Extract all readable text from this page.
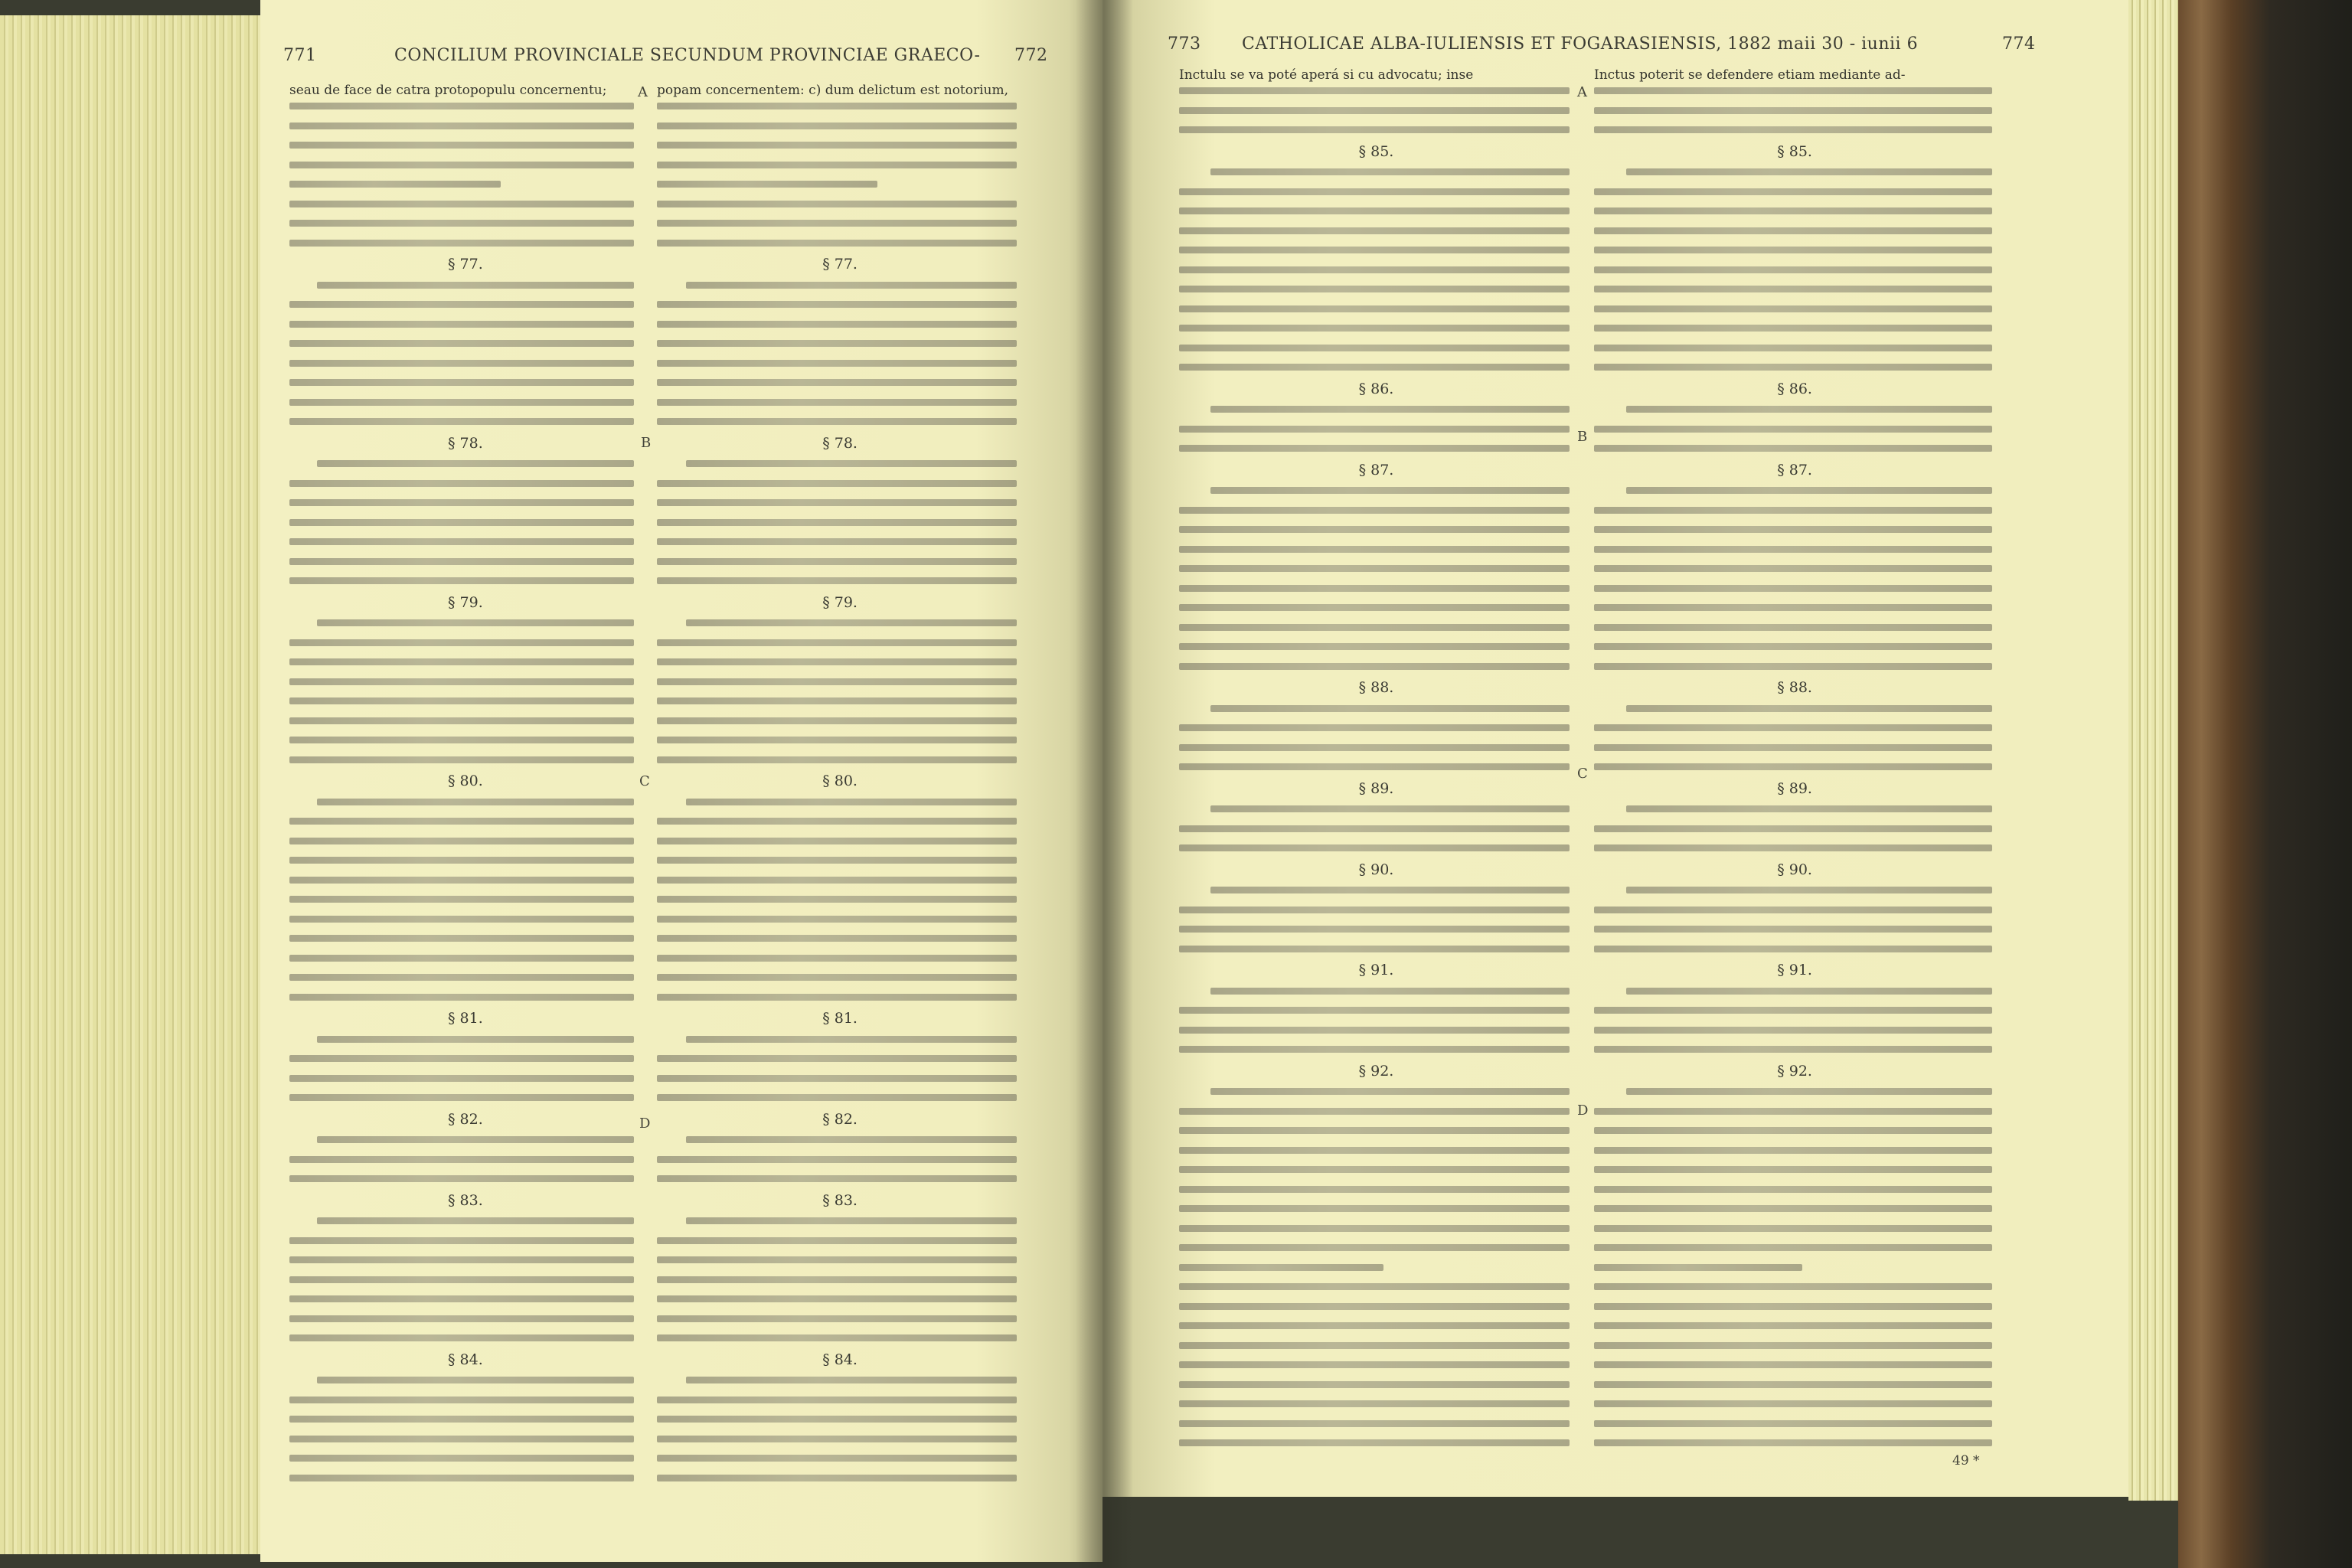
771	CONCILIUM PROVINCIALE SECUNDUM PROVINCIAE GRAECO- 772
seau de face de catra protopopulu concernentu;
§ 77.
§ 78.
§ 79.
§ 80.
§ 81.
§ 82.
§ 83.
§ 84.
popam concernentem: c) dum delictum est notorium,
§ 77.
§ 78.
§ 79.
§ 80.
§ 81.
§ 82.
§ 83.
§ 84.
A
B
C
D
773 CATHOLICAE ALBA-IULIENSIS ET FOGARASIENSIS, 1882 maii 30 - iunii 6	774
Inctulu se va poté aperá si cu advocatu; inse
§ 85.
§ 86.
§ 87.
§ 88.
§ 89.
§ 90.
§ 91.
§ 92.
Inctus poterit se defendere etiam mediante ad-
§ 85.
§ 86.
§ 87.
§ 88.
§ 89.
§ 90.
§ 91.
§ 92.
A
B
C
D
49 *
